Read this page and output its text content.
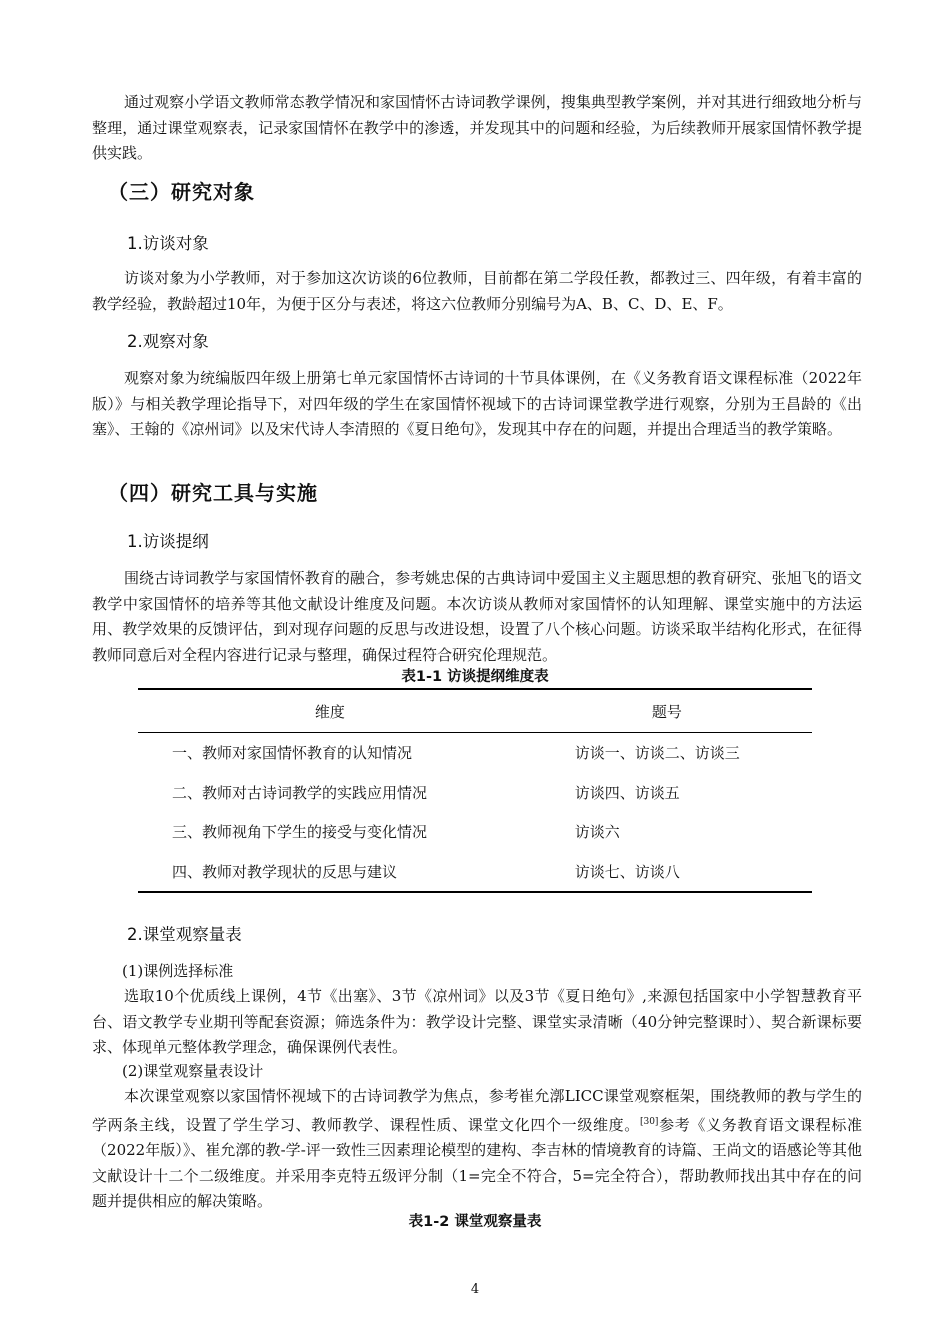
通过观察小学语文教师常态教学情况和家国情怀古诗词教学课例，搜集典型教学案例，并对其进行细致地分析与整理，通过课堂观察表，记录家国情怀在教学中的渗透，并发现其中的问题和经验，为后续教师开展家国情怀教学提供实践。

（三）研究对象

1.访谈对象

访谈对象为小学教师，对于参加这次访谈的6位教师，目前都在第二学段任教，都教过三、四年级，有着丰富的教学经验，教龄超过10年，为便于区分与表述，将这六位教师分别编号为A、B、C、D、E、F。

2.观察对象

观察对象为统编版四年级上册第七单元家国情怀古诗词的十节具体课例，在《义务教育语文课程标准（2022年版）》与相关教学理论指导下，对四年级的学生在家国情怀视域下的古诗词课堂教学进行观察，分别为王昌龄的《出塞》、王翰的《凉州词》以及宋代诗人李清照的《夏日绝句》，发现其中存在的问题，并提出合理适当的教学策略。

（四）研究工具与实施

1.访谈提纲

围绕古诗词教学与家国情怀教育的融合，参考姚忠保的古典诗词中爱国主义主题思想的教育研究、张旭飞的语文教学中家国情怀的培养等其他文献设计维度及问题。本次访谈从教师对家国情怀的认知理解、课堂实施中的方法运用、教学效果的反馈评估，到对现存问题的反思与改进设想，设置了八个核心问题。访谈采取半结构化形式，在征得教师同意后对全程内容进行记录与整理，确保过程符合研究伦理规范。

表1-1 访谈提纲维度表

维度	题号
一、教师对家国情怀教育的认知情况	访谈一、访谈二、访谈三
二、教师对古诗词教学的实践应用情况	访谈四、访谈五
三、教师视角下学生的接受与变化情况	访谈六
四、教师对教学现状的反思与建议	访谈七、访谈八

2.课堂观察量表

(1)课例选择标准

选取10个优质线上课例，4节《出塞》、3节《凉州词》以及3节《夏日绝句》,来源包括国家中小学智慧教育平台、语文教学专业期刊等配套资源；筛选条件为：教学设计完整、课堂实录清晰（40分钟完整课时）、契合新课标要求、体现单元整体教学理念，确保课例代表性。

(2)课堂观察量表设计

本次课堂观察以家国情怀视域下的古诗词教学为焦点，参考崔允漷LICC课堂观察框架，围绕教师的教与学生的学两条主线，设置了学生学习、教师教学、课程性质、课堂文化四个一级维度。[30]参考《义务教育语文课程标准（2022年版）》、崔允漷的教-学-评一致性三因素理论模型的建构、李吉林的情境教育的诗篇、王尚文的语感论等其他文献设计十二个二级维度。并采用李克特五级评分制（1=完全不符合，5=完全符合），帮助教师找出其中存在的问题并提供相应的解决策略。

表1-2 课堂观察量表

4
